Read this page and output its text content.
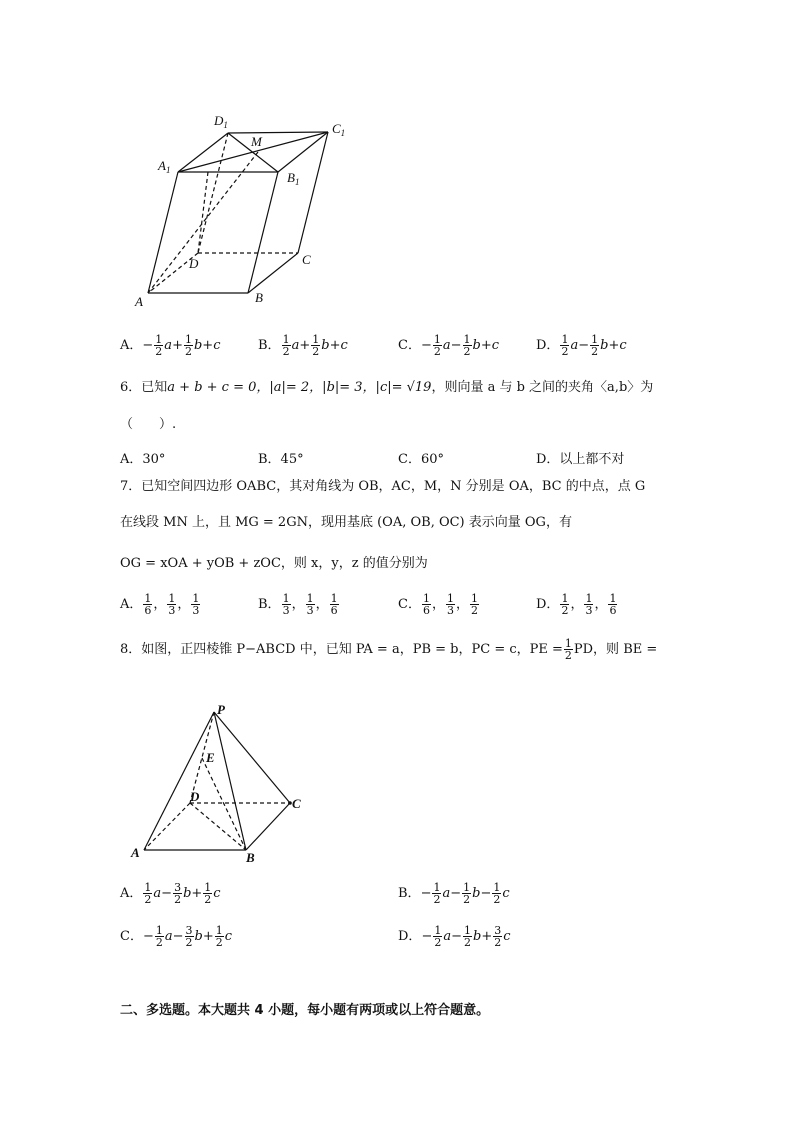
$D_1$	$C_1$
$A_1$	$B_1$
M
D	C
A	B
A．− $\frac{1}{2} a+ \frac{1}{2} b+c$	B． $\frac{1}{2} a+ \frac{1}{2} b+c$	C．− $\frac{1}{2} a- \frac{1}{2} b+c$	D． $\frac{1}{2} a- \frac{1}{2} b+c$
6．已知a + b + c = 0，|a|= 2，|b|= 3，|c|= √19，则向量 a 与 b 之间的夹角〈a,b〉为
（　　）.
A．30°	B．45°	C．60°	D．以上都不对
7．已知空间四边形 OABC，其对角线为 OB，AC，M，N 分别是 OA，BC 的中点，点 G
在线段 MN 上，且 MG = 2GN，现用基底 (OA, OB, OC) 表示向量 OG，有
OG = xOA + yOB + zOC，则 x，y，z 的值分别为
A． $\frac{1}{6}$ ， $\frac{1}{3}$ ， $\frac{1}{3}$	B． $\frac{1}{3}$ ， $\frac{1}{3}$ ， $\frac{1}{6}$	C． $\frac{1}{6}$ ， $\frac{1}{3}$ ， $\frac{1}{2}$	D． $\frac{1}{2}$ ， $\frac{1}{3}$ ， $\frac{1}{6}$
8．如图，正四棱锥 P−ABCD 中，已知 PA = a，PB = b，PC = c，PE = $\frac{1}{2}$ PD，则 BE =
P
E
D	C
A	B
A． $\frac{1}{2} a- \frac{3}{2} b+ \frac{1}{2}$ c	B．− $\frac{1}{2} a- \frac{1}{2} b- \frac{1}{2}$ c
C．− $\frac{1}{2} a- \frac{3}{2} b+ \frac{1}{2}$ c	D．− $\frac{1}{2} a- \frac{1}{2} b+ \frac{3}{2}$ c
二、多选题。本大题共 4 小题，每小题有两项或以上符合题意。
